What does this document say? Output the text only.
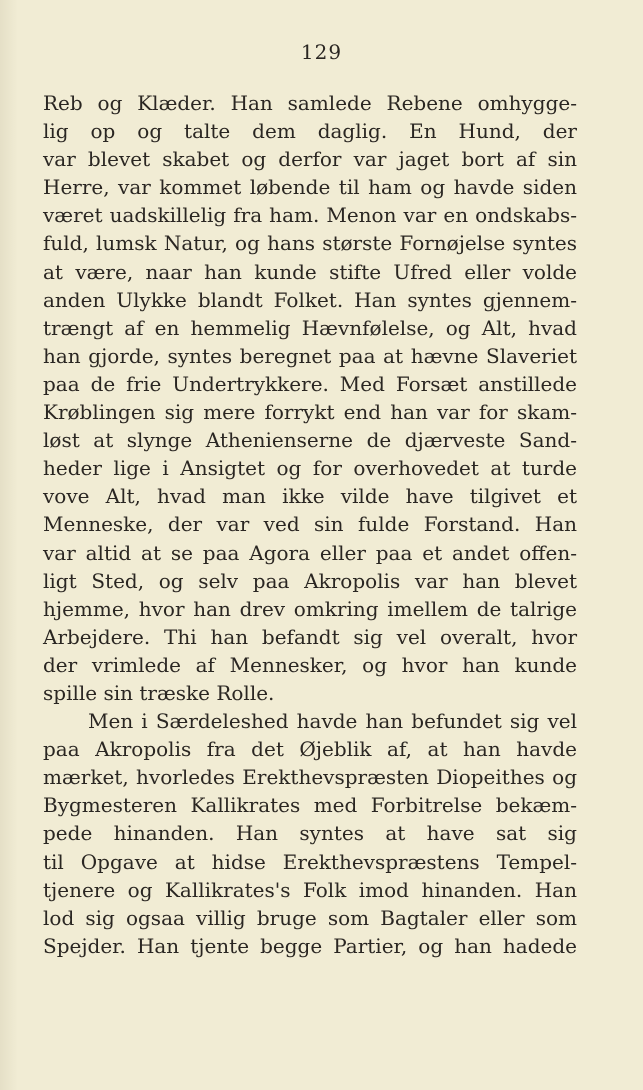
129
Reb og Klæder. Han samlede Rebene omhygge-
lig op og talte dem daglig. En Hund, der
var blevet skabet og derfor var jaget bort af sin
Herre, var kommet løbende til ham og havde siden
været uadskillelig fra ham. Menon var en ondskabs-
fuld, lumsk Natur, og hans største Fornøjelse syntes
at være, naar han kunde stifte Ufred eller volde
anden Ulykke blandt Folket. Han syntes gjennem-
trængt af en hemmelig Hævnfølelse, og Alt, hvad
han gjorde, syntes beregnet paa at hævne Slaveriet
paa de frie Undertrykkere. Med Forsæt anstillede
Krøblingen sig mere forrykt end han var for skam-
løst at slynge Athenienserne de djærveste Sand-
heder lige i Ansigtet og for overhovedet at turde
vove Alt, hvad man ikke vilde have tilgivet et
Menneske, der var ved sin fulde Forstand. Han
var altid at se paa Agora eller paa et andet offen-
ligt Sted, og selv paa Akropolis var han blevet
hjemme, hvor han drev omkring imellem de talrige
Arbejdere. Thi han befandt sig vel overalt, hvor
der vrimlede af Mennesker, og hvor han kunde
spille sin træske Rolle.
Men i Særdeleshed havde han befundet sig vel
paa Akropolis fra det Øjeblik af, at han havde
mærket, hvorledes Erekthevspræsten Diopeithes og
Bygmesteren Kallikrates med Forbitrelse bekæm-
pede hinanden. Han syntes at have sat sig
til Opgave at hidse Erekthevspræstens Tempel-
tjenere og Kallikrates's Folk imod hinanden. Han
lod sig ogsaa villig bruge som Bagtaler eller som
Spejder. Han tjente begge Partier, og han hadede
